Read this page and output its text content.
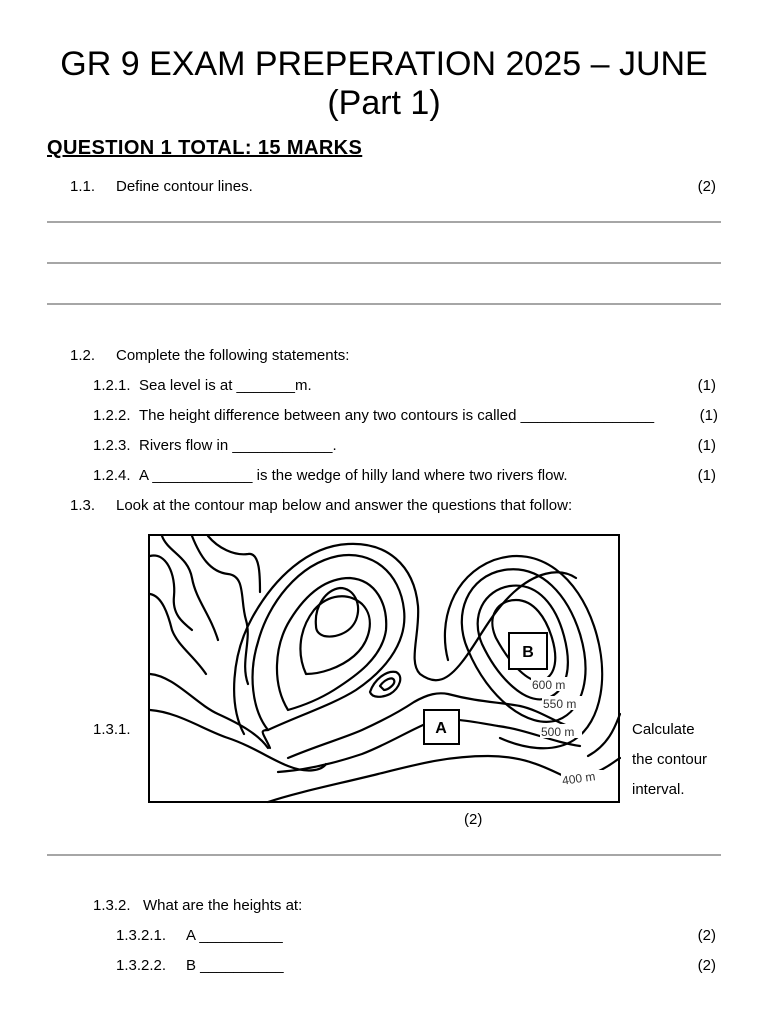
GR 9 EXAM PREPERATION 2025 – JUNE
(Part 1)
QUESTION 1 TOTAL: 15 MARKS
1.1. Define contour lines.	(2)
1.2. Complete the following statements:
1.2.1. Sea level is at _______m.	(1)
1.2.2. The height difference between any two contours is called ________________	(1)
1.2.3. Rivers flow in ____________.	(1)
1.2.4. A ____________ is the wedge of hilly land where two rivers flow.	(1)
1.3. Look at the contour map below and answer the questions that follow:
B
A
600 m
550 m
500 m
400 m
1.3.1.	Calculate
the contour
interval.
(2)
1.3.2. What are the heights at:
1.3.2.1. A __________	(2)
1.3.2.2. B __________	(2)
